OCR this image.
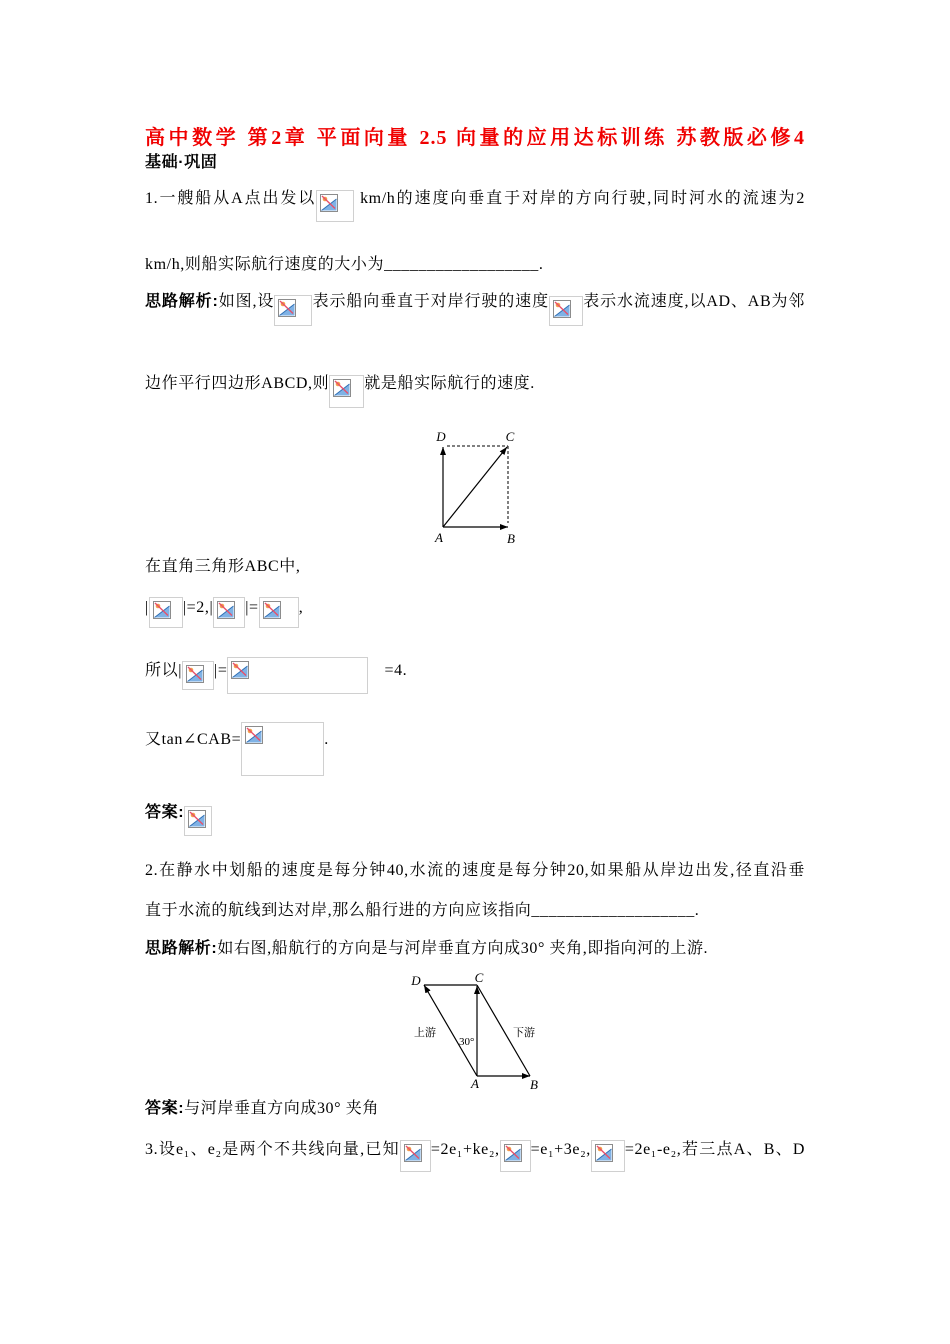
高中数学 第2章 平面向量 2.5 向量的应用达标训练 苏教版必修4
基础·巩固
1.一艘船从A点出发以
km/h的速度向垂直于对岸的方向行驶,同时河水的流速为2
km/h,则船实际航行速度的大小为__________________.
思路解析:如图,设 表示船向垂直于对岸行驶的速度 表示水流速度,以AD、AB为邻
边作平行四边形ABCD,则 就是船实际航行的速度.
D	C
A	B
在直角三角形ABC中,
| |=2,| |=	,
所以| |=	=4.
又tan∠CAB=	.
答案:
2.在静水中划船的速度是每分钟40,水流的速度是每分钟20,如果船从岸边出发,径直沿垂
直于水流的航线到达对岸,那么船行进的方向应该指向___________________.
思路解析:如右图,船航行的方向是与河岸垂直方向成30° 夹角,即指向河的上游.
D	C
A	B
上游	下游
30°
答案:与河岸垂直方向成30° 夹角
3.设e₁、e₂是两个不共线向量,已知 =2e₁+ke₂, =e₁+3e₂, =2e₁-e₂,若三点A、B、D
